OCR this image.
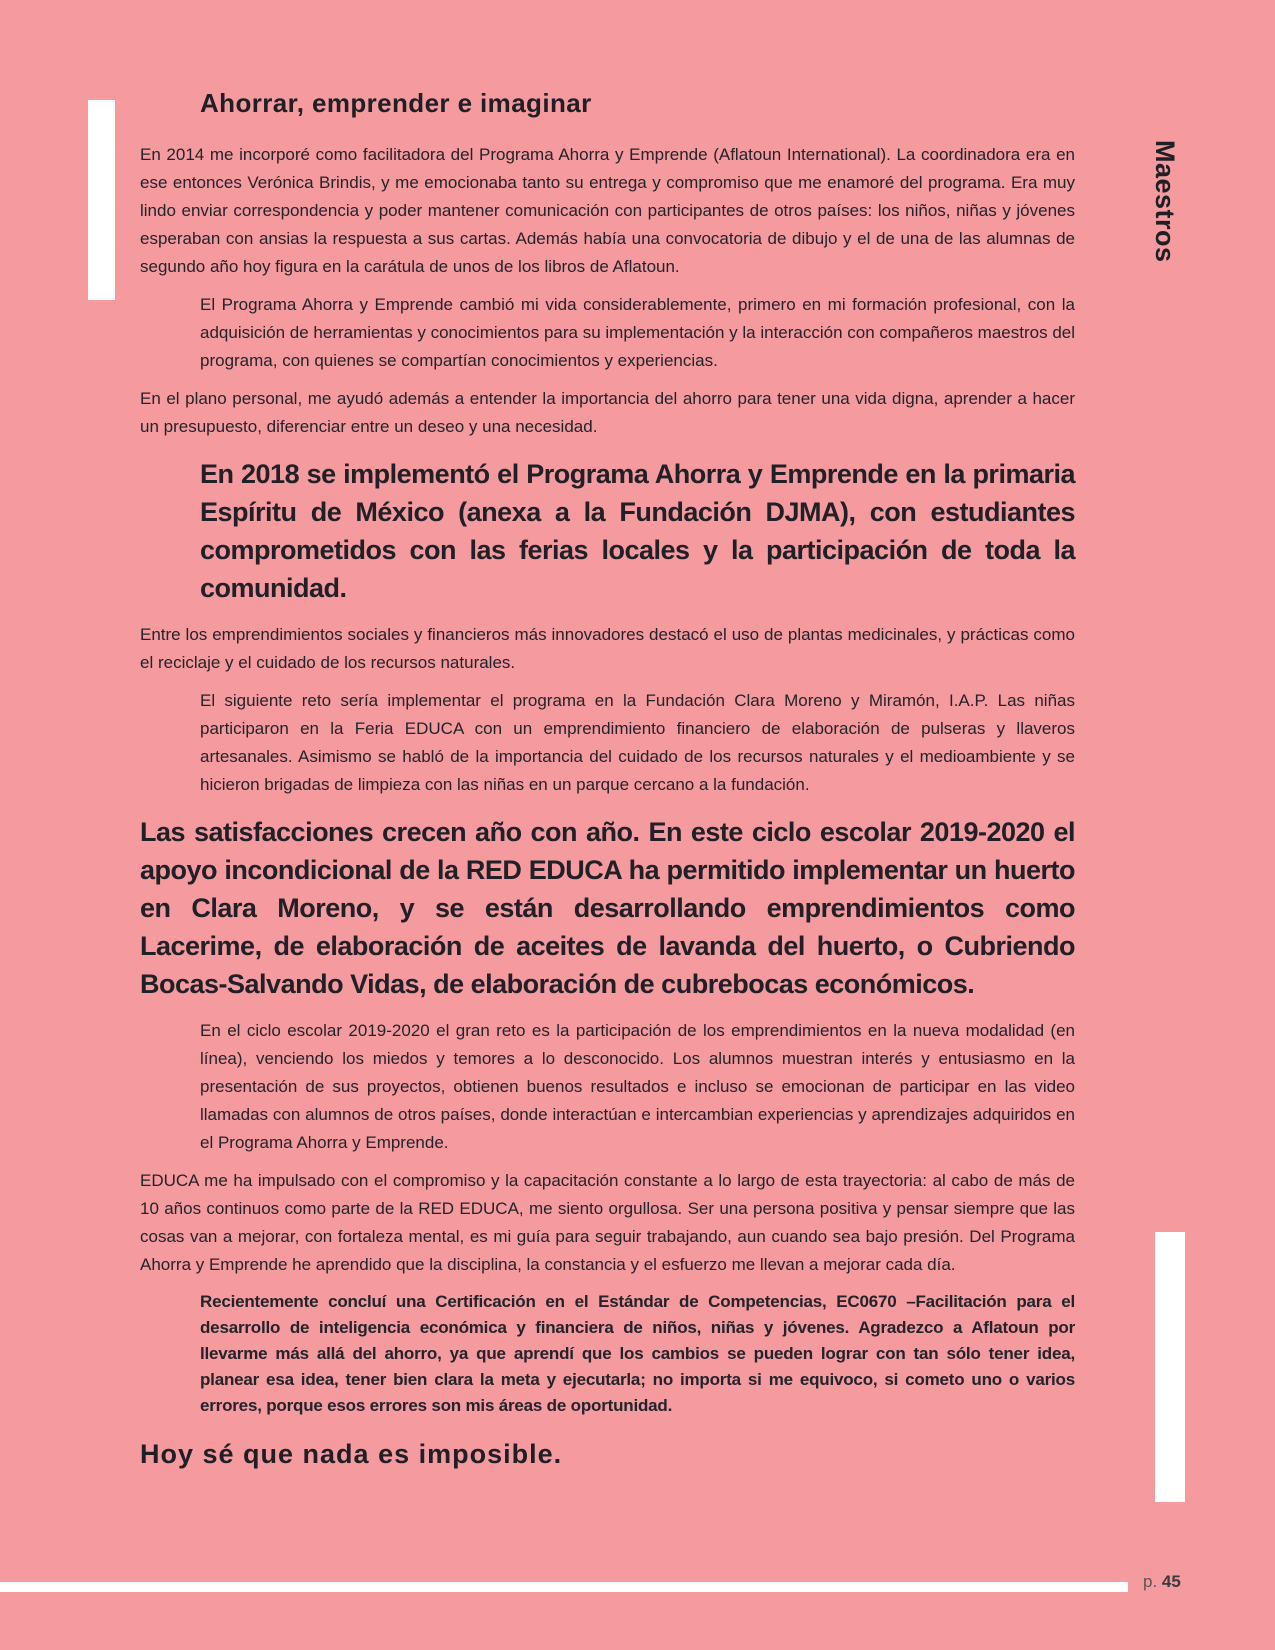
Maestros
Ahorrar, emprender e imaginar

En 2014 me incorporé como facilitadora del Programa Ahorra y Emprende (Aflatoun International). La coordinadora era en ese entonces Verónica Brindis, y me emocionaba tanto su entrega y compromiso que me enamoré del programa. Era muy lindo enviar correspondencia y poder mantener comunicación con participantes de otros países: los niños, niñas y jóvenes esperaban con ansias la respuesta a sus cartas. Además había una convocatoria de dibujo y el de una de las alumnas de segundo año hoy figura en la carátula de unos de los libros de Aflatoun.

El Programa Ahorra y Emprende cambió mi vida considerablemente, primero en mi formación profesional, con la adquisición de herramientas y conocimientos para su implementación y la interacción con compañeros maestros del programa, con quienes se compartían conocimientos y experiencias.

En el plano personal, me ayudó además a entender la importancia del ahorro para tener una vida digna, aprender a hacer un presupuesto, diferenciar entre un deseo y una necesidad.

En 2018 se implementó el Programa Ahorra y Emprende en la primaria Espíritu de México (anexa a la Fundación DJMA), con estudiantes comprometidos con las ferias locales y la participación de toda la comunidad.

Entre los emprendimientos sociales y financieros más innovadores destacó el uso de plantas medicinales, y prácticas como el reciclaje y el cuidado de los recursos naturales.

El siguiente reto sería implementar el programa en la Fundación Clara Moreno y Miramón, I.A.P. Las niñas participaron en la Feria EDUCA con un emprendimiento financiero de elaboración de pulseras y llaveros artesanales. Asimismo se habló de la importancia del cuidado de los recursos naturales y el medioambiente y se hicieron brigadas de limpieza con las niñas en un parque cercano a la fundación.

Las satisfacciones crecen año con año. En este ciclo escolar 2019-2020 el apoyo incondicional de la RED EDUCA ha permitido implementar un huerto en Clara Moreno, y se están desarrollando emprendimientos como Lacerime, de elaboración de aceites de lavanda del huerto, o Cubriendo Bocas-Salvando Vidas, de elaboración de cubrebocas económicos.

En el ciclo escolar 2019-2020 el gran reto es la participación de los emprendimientos en la nueva modalidad (en línea), venciendo los miedos y temores a lo desconocido. Los alumnos muestran interés y entusiasmo en la presentación de sus proyectos, obtienen buenos resultados e incluso se emocionan de participar en las video llamadas con alumnos de otros países, donde interactúan e intercambian experiencias y aprendizajes adquiridos en el Programa Ahorra y Emprende.

EDUCA me ha impulsado con el compromiso y la capacitación constante a lo largo de esta trayectoria: al cabo de más de 10 años continuos como parte de la RED EDUCA, me siento orgullosa. Ser una persona positiva y pensar siempre que las cosas van a mejorar, con fortaleza mental, es mi guía para seguir trabajando, aun cuando sea bajo presión. Del Programa Ahorra y Emprende he aprendido que la disciplina, la constancia y el esfuerzo me llevan a mejorar cada día.

Recientemente concluí una Certificación en el Estándar de Competencias, EC0670 –Facilitación para el desarrollo de inteligencia económica y financiera de niños, niñas y jóvenes. Agradezco a Aflatoun por llevarme más allá del ahorro, ya que aprendí que los cambios se pueden lograr con tan sólo tener idea, planear esa idea, tener bien clara la meta y ejecutarla; no importa si me equivoco, si cometo uno o varios errores, porque esos errores son mis áreas de oportunidad.

Hoy sé que nada es imposible.
p. 45
